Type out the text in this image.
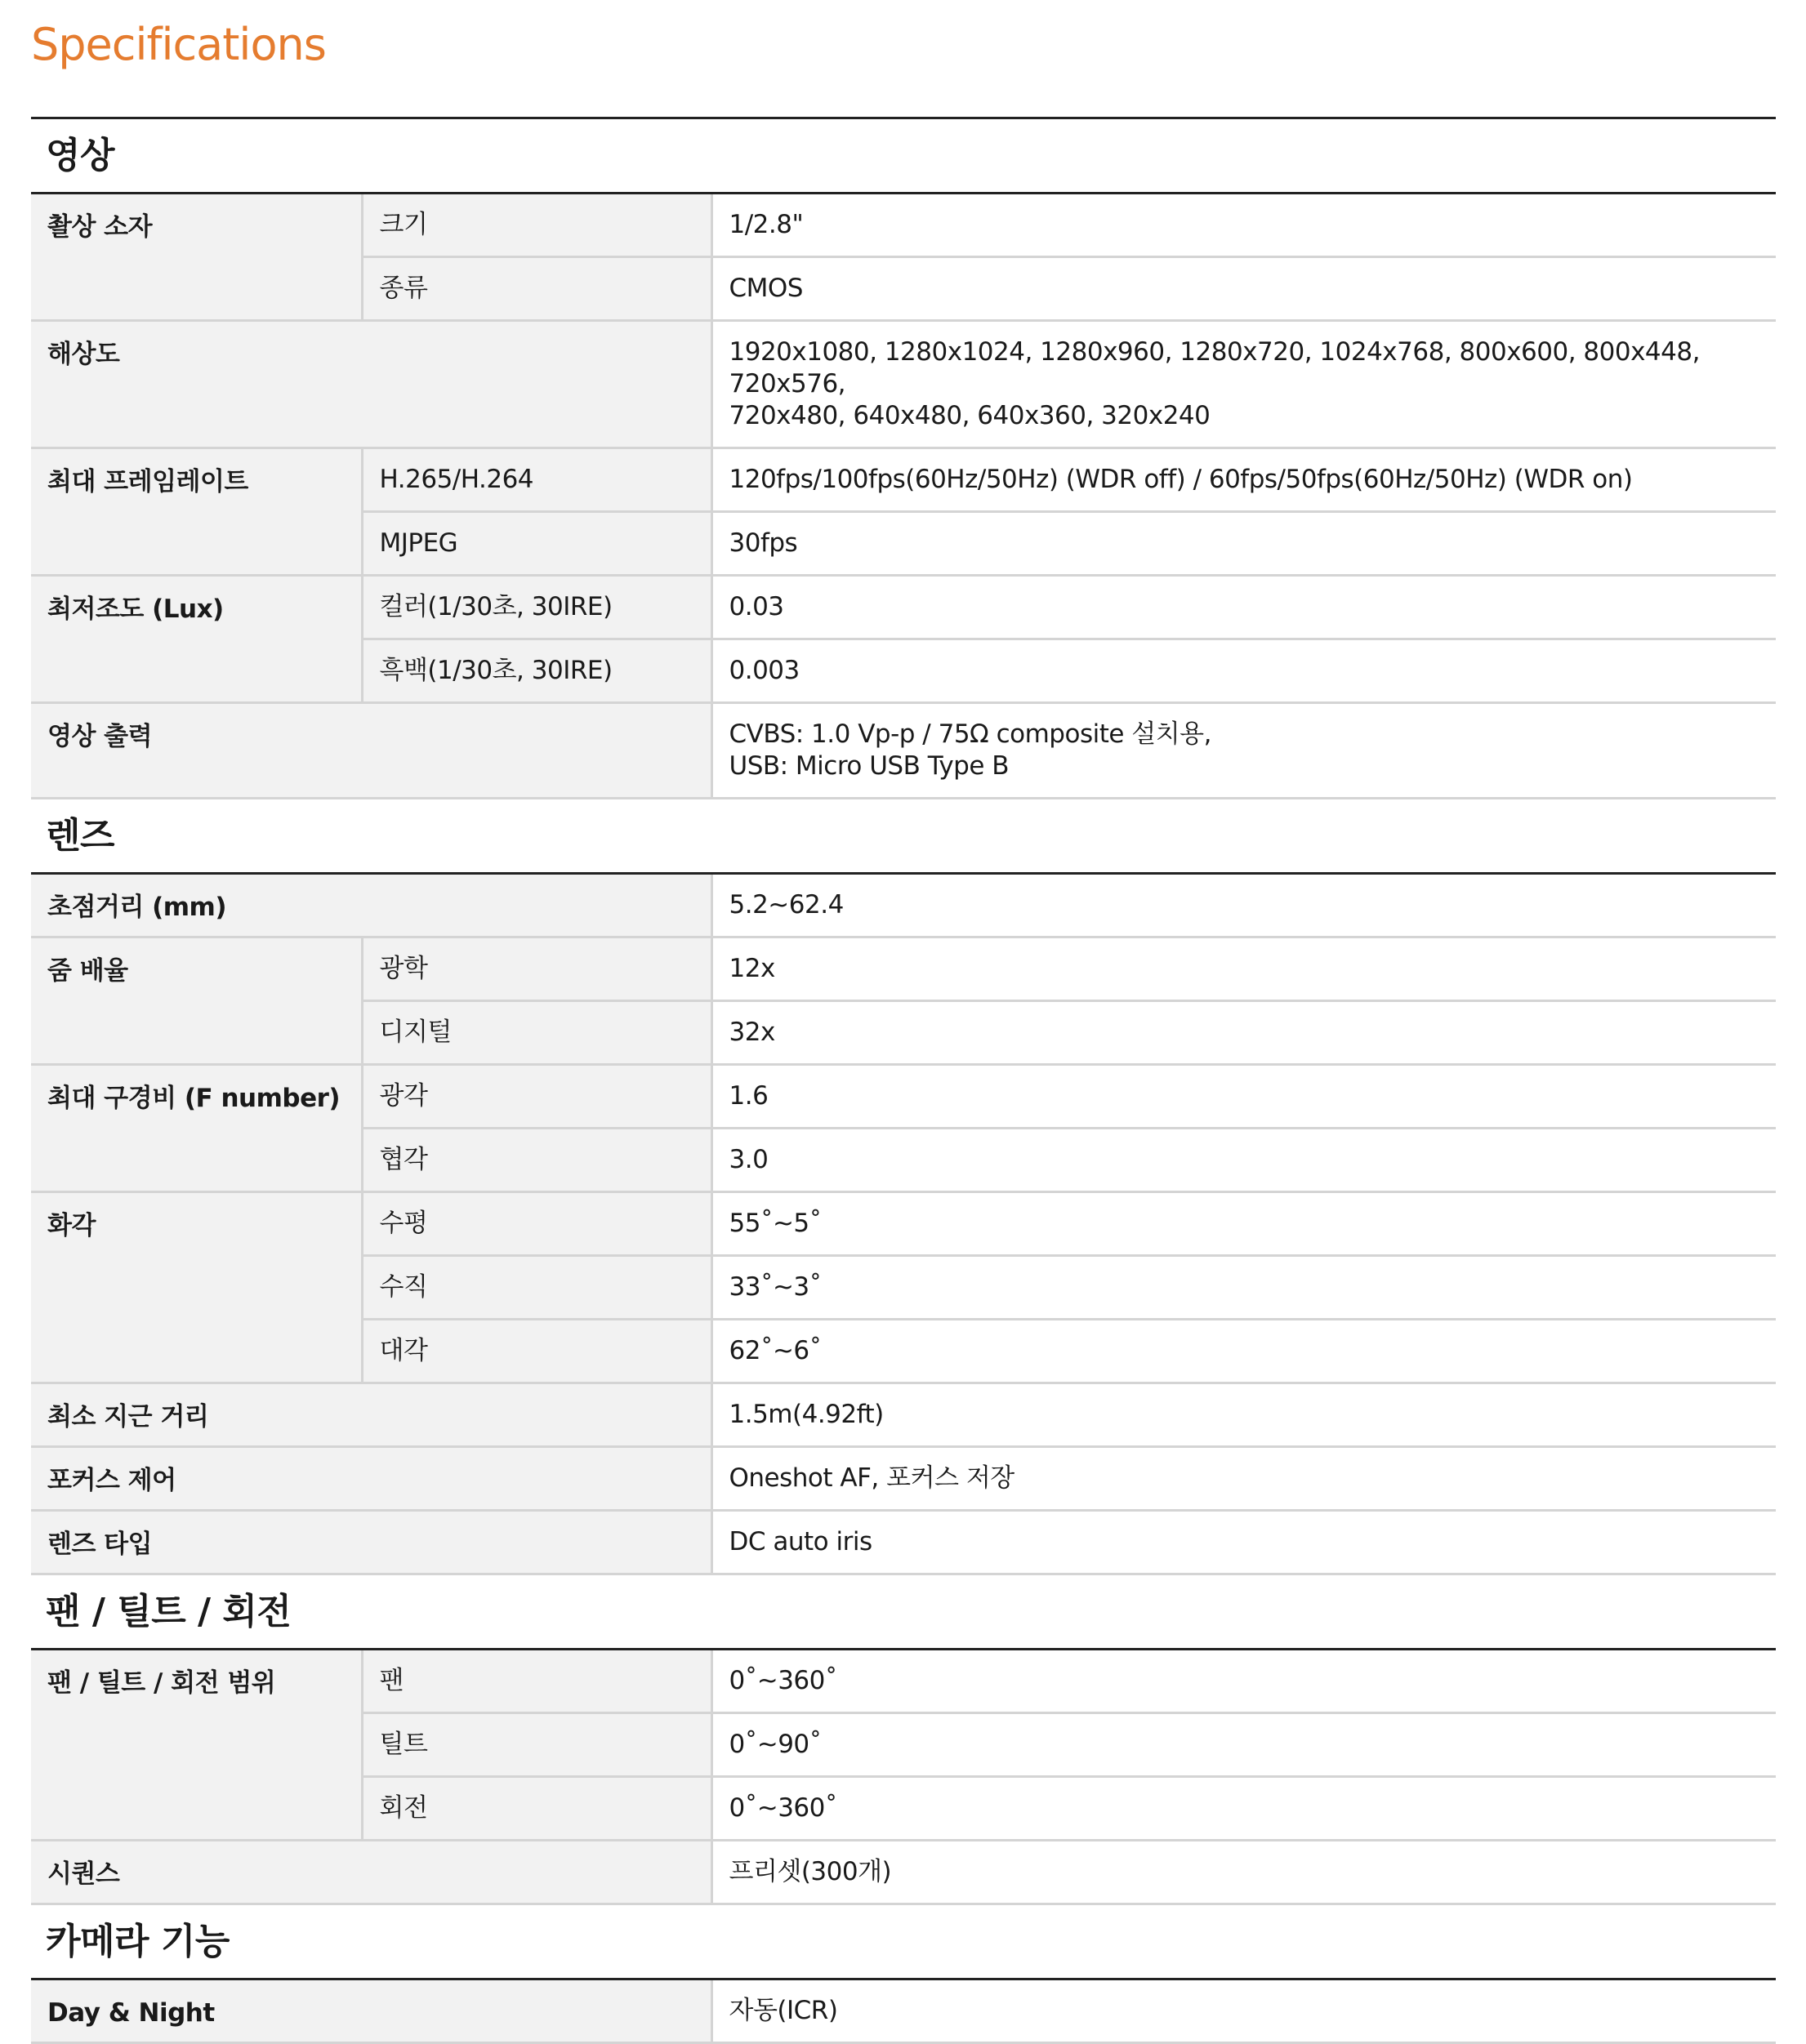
Specifications
영상		
촬상 소자	크기	1/2.8"
	종류	CMOS
해상도		1920x1080, 1280x1024, 1280x960, 1280x720, 1024x768, 800x600, 800x448, 720x576,
720x480, 640x480, 640x360, 320x240

최대 프레임레이트	H.265/H.264	120fps/100fps(60Hz/50Hz) (WDR off) / 60fps/50fps(60Hz/50Hz) (WDR on)
	MJPEG	30fps
최저조도 (Lux)	컬러(1/30초, 30IRE)	0.03
	흑백(1/30초, 30IRE)	0.003
영상 출력		CVBS: 1.0 Vp-p / 75Ω composite 설치용,
USB: Micro USB Type B

렌즈		
초점거리 (mm)		5.2~62.4
줌 배율	광학	12x
	디지털	32x
최대 구경비 (F number)	광각	1.6
	협각	3.0
화각	수평	55˚~5˚
	수직	33˚~3˚
	대각	62˚~6˚
최소 지근 거리		1.5m(4.92ft)
포커스 제어		Oneshot AF, 포커스 저장
렌즈 타입		DC auto iris
팬 / 틸트 / 회전		
팬 / 틸트 / 회전 범위	팬	0˚~360˚
	틸트	0˚~90˚
	회전	0˚~360˚
시퀀스		프리셋(300개)
카메라 기능		
Day & Night		자동(ICR)
